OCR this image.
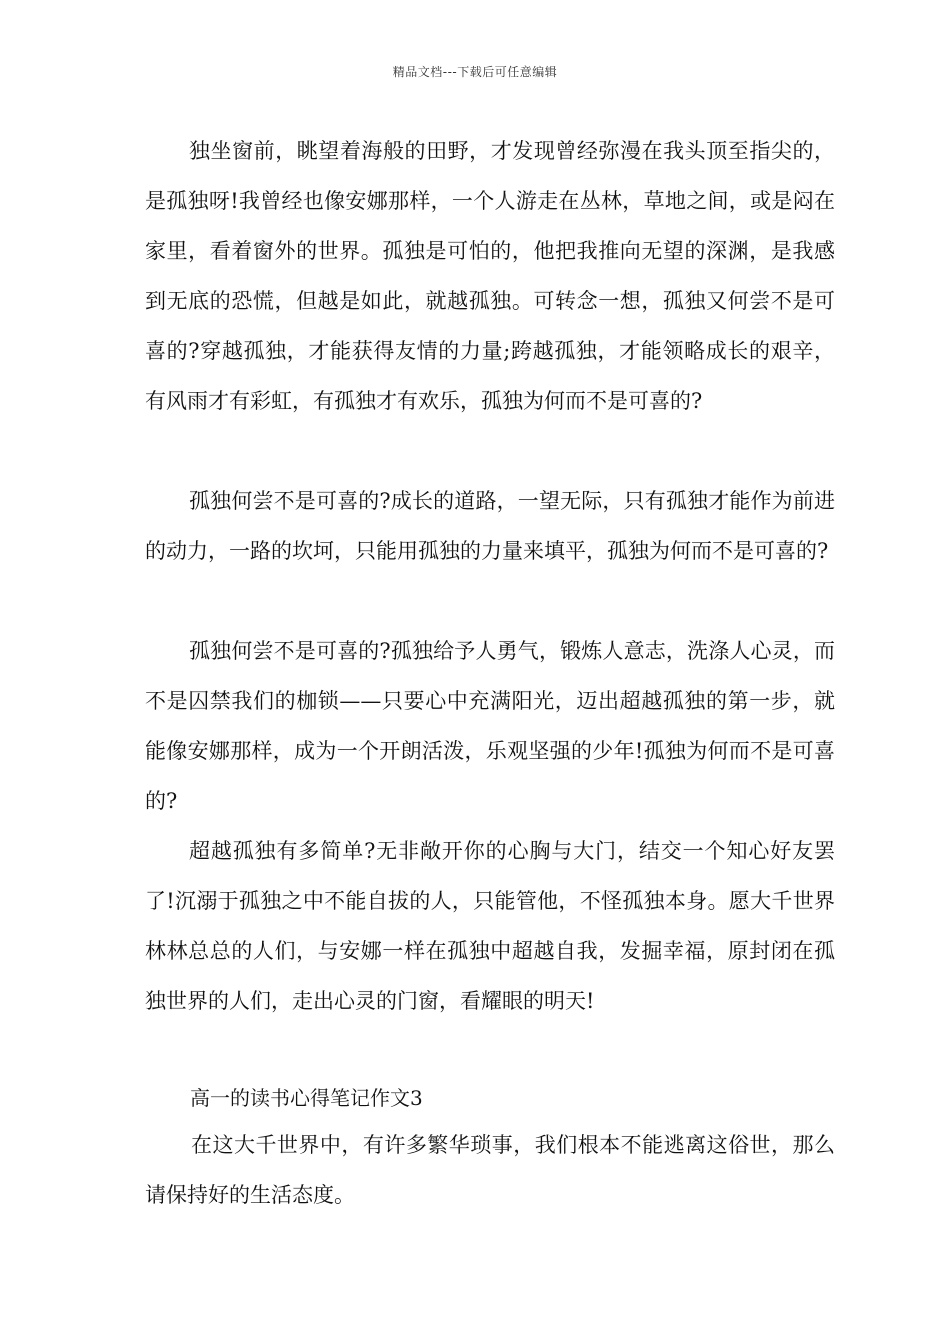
精品文档---下载后可任意编辑

独坐窗前，眺望着海般的田野，才发现曾经弥漫在我头顶至指尖的，是孤独呀!我曾经也像安娜那样，一个人游走在丛林，草地之间，或是闷在家里，看着窗外的世界。孤独是可怕的，他把我推向无望的深渊，是我感到无底的恐慌，但越是如此，就越孤独。可转念一想，孤独又何尝不是可喜的?穿越孤独，才能获得友情的力量;跨越孤独，才能领略成长的艰辛，有风雨才有彩虹，有孤独才有欢乐，孤独为何而不是可喜的?

孤独何尝不是可喜的?成长的道路，一望无际，只有孤独才能作为前进的动力，一路的坎坷，只能用孤独的力量来填平，孤独为何而不是可喜的?

孤独何尝不是可喜的?孤独给予人勇气，锻炼人意志，洗涤人心灵，而不是囚禁我们的枷锁——只要心中充满阳光，迈出超越孤独的第一步，就能像安娜那样，成为一个开朗活泼，乐观坚强的少年!孤独为何而不是可喜的?

超越孤独有多简单?无非敞开你的心胸与大门，结交一个知心好友罢了!沉溺于孤独之中不能自拔的人，只能管他，不怪孤独本身。愿大千世界林林总总的人们，与安娜一样在孤独中超越自我，发掘幸福，原封闭在孤独世界的人们，走出心灵的门窗，看耀眼的明天!

高一的读书心得笔记作文3

在这大千世界中，有许多繁华琐事，我们根本不能逃离这俗世，那么请保持好的生活态度。
